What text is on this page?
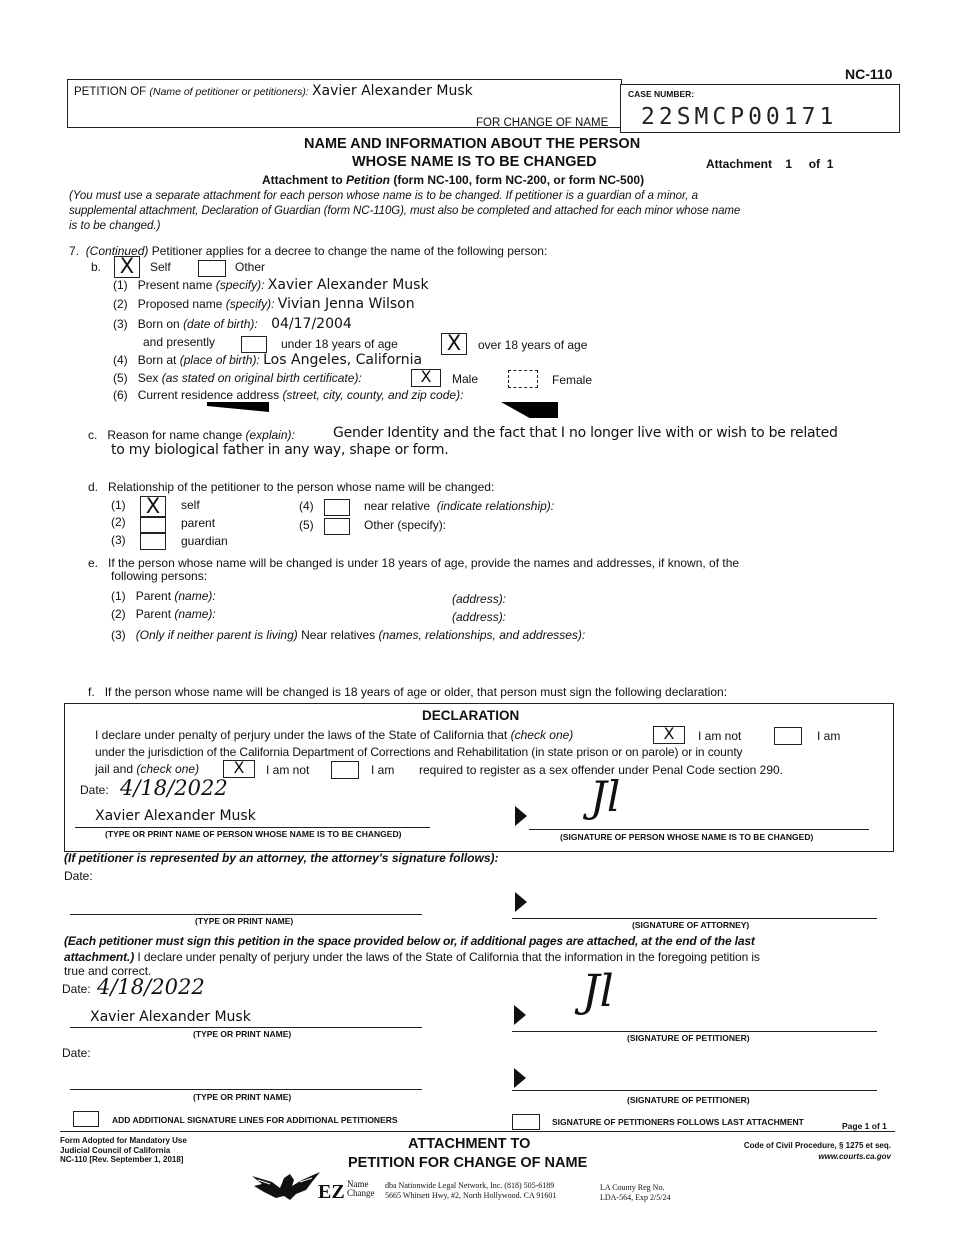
NC-110
PETITION OF (Name of petitioner or petitioners): Xavier Alexander Musk
FOR CHANGE OF NAME
CASE NUMBER:
22SMCP00171
NAME AND INFORMATION ABOUT THE PERSON
WHOSE NAME IS TO BE CHANGED	Attachment 1 of 1
Attachment to Petition (form NC-100, form NC-200, or form NC-500)
(You must use a separate attachment for each person whose name is to be changed. If petitioner is a guardian of a minor, a
supplemental attachment, Declaration of Guardian (form NC-110G), must also be completed and attached for each minor whose name
is to be changed.)
7. (Continued) Petitioner applies for a decree to change the name of the following person:
b. X	Self	Other
(1) Present name (specify): Xavier Alexander Musk
(2) Proposed name (specify): Vivian Jenna Wilson
(3) Born on (date of birth): 04/17/2004
and presently	under 18 years of age X	over 18 years of age
(4) Born at (place of birth): Los Angeles, California
(5) Sex (as stated on original birth certificate):	X	Male	Female
(6) Current residence address (street, city, county, and zip code):
c. Reason for name change (explain):	Gender Identity and the fact that I no longer live with or wish to be related
to my biological father in any way, shape or form.
d. Relationship of the petitioner to the person whose name will be changed:
(1) X	self
(2)	parent
(3)	guardian
(4)	near relative (indicate relationship):
(5)	Other (specify):
e. If the person whose name will be changed is under 18 years of age, provide the names and addresses, if known, of the
following persons:
(1) Parent (name):	(address):
(2) Parent (name):	(address):
(3) (Only if neither parent is living) Near relatives (names, relationships, and addresses):
f. If the person whose name will be changed is 18 years of age or older, that person must sign the following declaration:
DECLARATION
I declare under penalty of perjury under the laws of the State of California that (check one)	X	I am not	I am
under the jurisdiction of the California Department of Corrections and Rehabilitation (in state prison or on parole) or in county
jail and (check one)	X	I am not	I am required to register as a sex offender under Penal Code section 290.
Date: 4/18/2022
Xavier Alexander Musk
(TYPE OR PRINT NAME OF PERSON WHOSE NAME IS TO BE CHANGED)
Jl
(SIGNATURE OF PERSON WHOSE NAME IS TO BE CHANGED)
(If petitioner is represented by an attorney, the attorney's signature follows):
Date:
(TYPE OR PRINT NAME)	(SIGNATURE OF ATTORNEY)
(Each petitioner must sign this petition in the space provided below or, if additional pages are attached, at the end of the last
attachment.) I declare under penalty of perjury under the laws of the State of California that the information in the foregoing petition is
true and correct.
Date: 4/18/2022
Xavier Alexander Musk
(TYPE OR PRINT NAME)
Jl
(SIGNATURE OF PETITIONER)
Date:
(TYPE OR PRINT NAME)	(SIGNATURE OF PETITIONER)
ADD ADDITIONAL SIGNATURE LINES FOR ADDITIONAL PETITIONERS	SIGNATURE OF PETITIONERS FOLLOWS LAST ATTACHMENT	Page 1 of 1
Form Adopted for Mandatory Use
Judicial Council of California
NC-110 [Rev. September 1, 2018]
ATTACHMENT TO
PETITION FOR CHANGE OF NAME
Code of Civil Procedure, § 1275 et seq.
www.courts.ca.gov
EZ Name
Change
dba Nationwide Legal Network, Inc. (818) 505-6189
5665 Whitsett Hwy, #2, North Hollywood. CA 91601
LA County Reg No.
LDA-564, Exp 2/5/24
